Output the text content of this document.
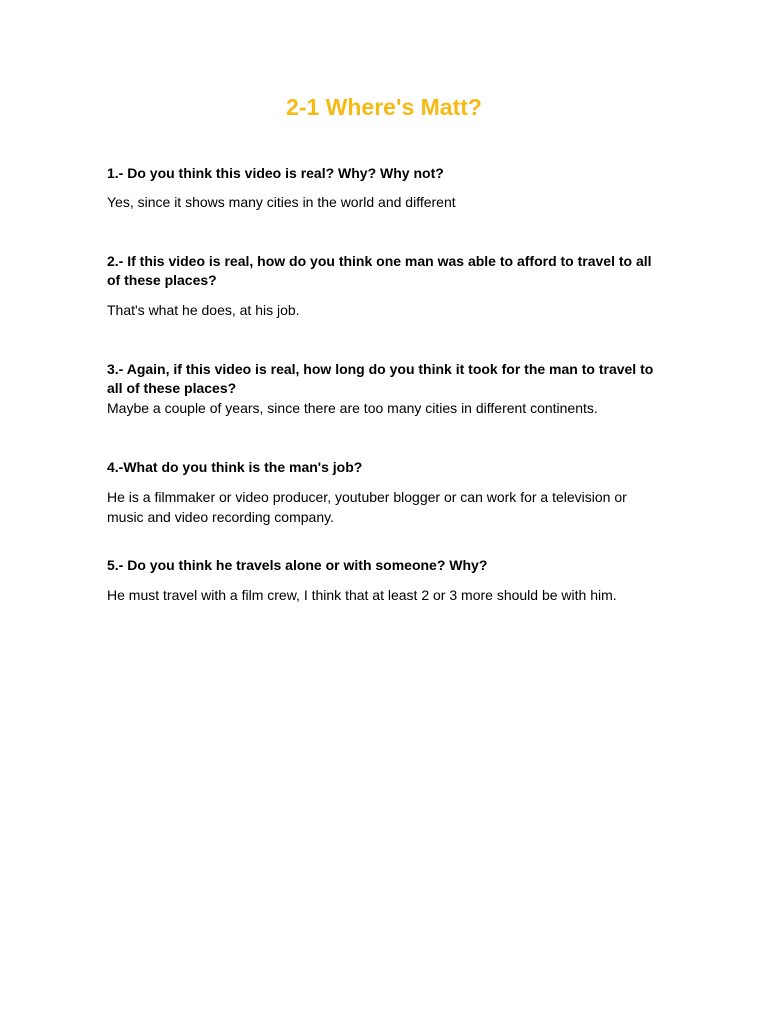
2-1 Where's Matt?
1.- Do you think this video is real? Why? Why not?
Yes, since it shows many cities in the world and different
2.- If this video is real, how do you think one man was able to afford to travel to all of these places?
That's what he does, at his job.
3.- Again, if this video is real, how long do you think it took for the man to travel to all of these places?
Maybe a couple of years, since there are too many cities in different continents.
4.-What do you think is the man's job?
He is a filmmaker or video producer, youtuber blogger or can work for a television or music and video recording company.
5.- Do you think he travels alone or with someone? Why?
He must travel with a film crew, I think that at least 2 or 3 more should be with him.
